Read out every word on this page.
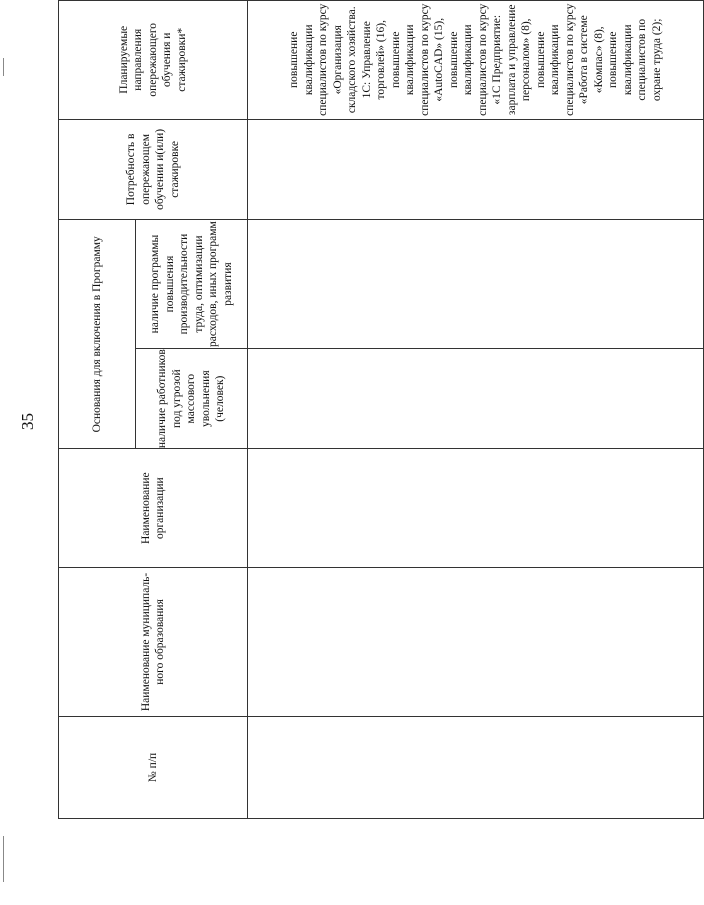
35
№ п/п	Наименование муниципаль-ного образования	Наименование организации	Основания для включения в Программу		Потребность в опережающем обучении и(или) стажировке	Планируемые направления опережающего обучения и стажировки*
			наличие работников под угрозой массового увольнения (человек)	наличие программы повышения производительности труда, оптимизации расходов, иных программ развития		

						повышение квалификации специалистов по курсу «Организация складского хозяйства. 1С: Управление торговлей» (16), повышение квалификации специалистов по курсу «AutoCAD» (15), повышение квалификации специалистов по курсу «1С Предприятие: зарплата и управление персоналом» (8), повышение квалификации специалистов по курсу «Работа в системе «Компас» (8), повышение квалификации специалистов по охране труда (2);
